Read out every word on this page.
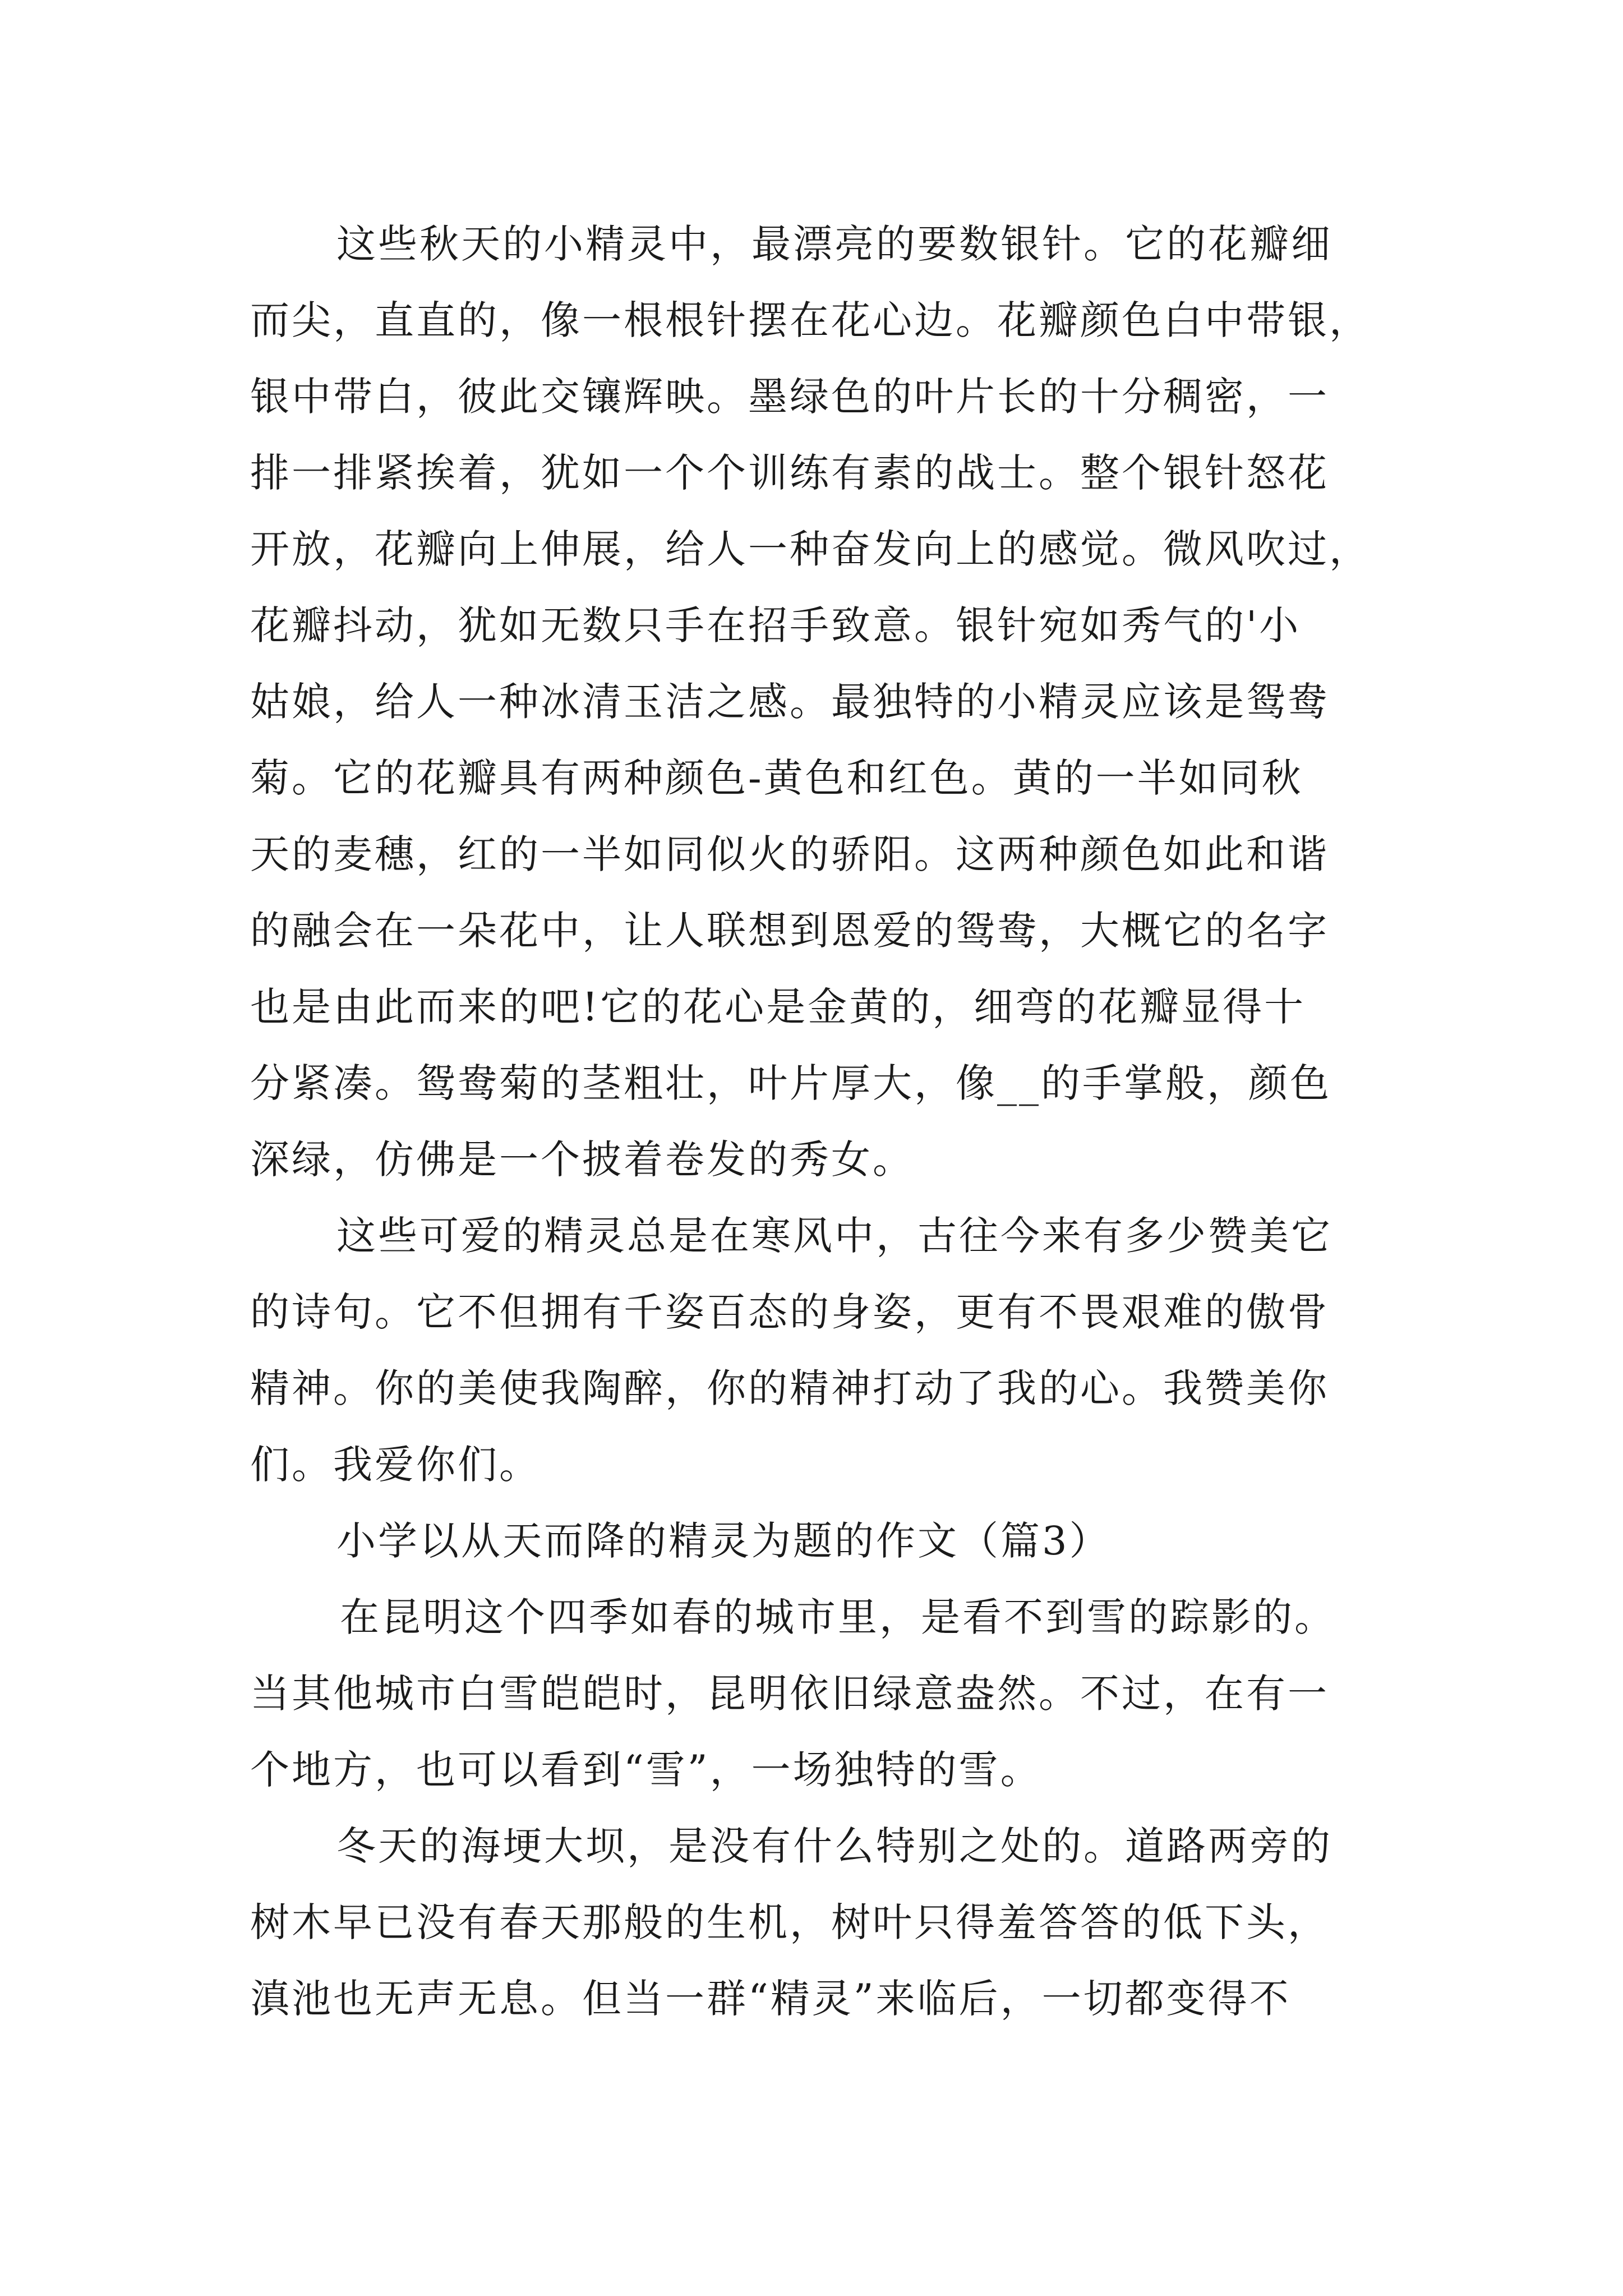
这些秋天的小精灵中，最漂亮的要数银针。它的花瓣细
而尖，直直的，像一根根针摆在花心边。花瓣颜色白中带银，
银中带白，彼此交镶辉映。墨绿色的叶片长的十分稠密，一
排一排紧挨着，犹如一个个训练有素的战士。整个银针怒花
开放，花瓣向上伸展，给人一种奋发向上的感觉。微风吹过，
花瓣抖动，犹如无数只手在招手致意。银针宛如秀气的'小
姑娘，给人一种冰清玉洁之感。最独特的小精灵应该是鸳鸯
菊。它的花瓣具有两种颜色-黄色和红色。黄的一半如同秋
天的麦穗，红的一半如同似火的骄阳。这两种颜色如此和谐
的融会在一朵花中，让人联想到恩爱的鸳鸯，大概它的名字
也是由此而来的吧!它的花心是金黄的，细弯的花瓣显得十
分紧凑。鸳鸯菊的茎粗壮，叶片厚大，像__的手掌般，颜色
深绿，仿佛是一个披着卷发的秀女。
这些可爱的精灵总是在寒风中，古往今来有多少赞美它
的诗句。它不但拥有千姿百态的身姿，更有不畏艰难的傲骨
精神。你的美使我陶醉，你的精神打动了我的心。我赞美你
们。我爱你们。
小学以从天而降的精灵为题的作文（篇3）
在昆明这个四季如春的城市里，是看不到雪的踪影的。
当其他城市白雪皑皑时，昆明依旧绿意盎然。不过，在有一
个地方，也可以看到“雪”，一场独特的雪。
冬天的海埂大坝，是没有什么特别之处的。道路两旁的
树木早已没有春天那般的生机，树叶只得羞答答的低下头，
滇池也无声无息。但当一群“精灵”来临后，一切都变得不
